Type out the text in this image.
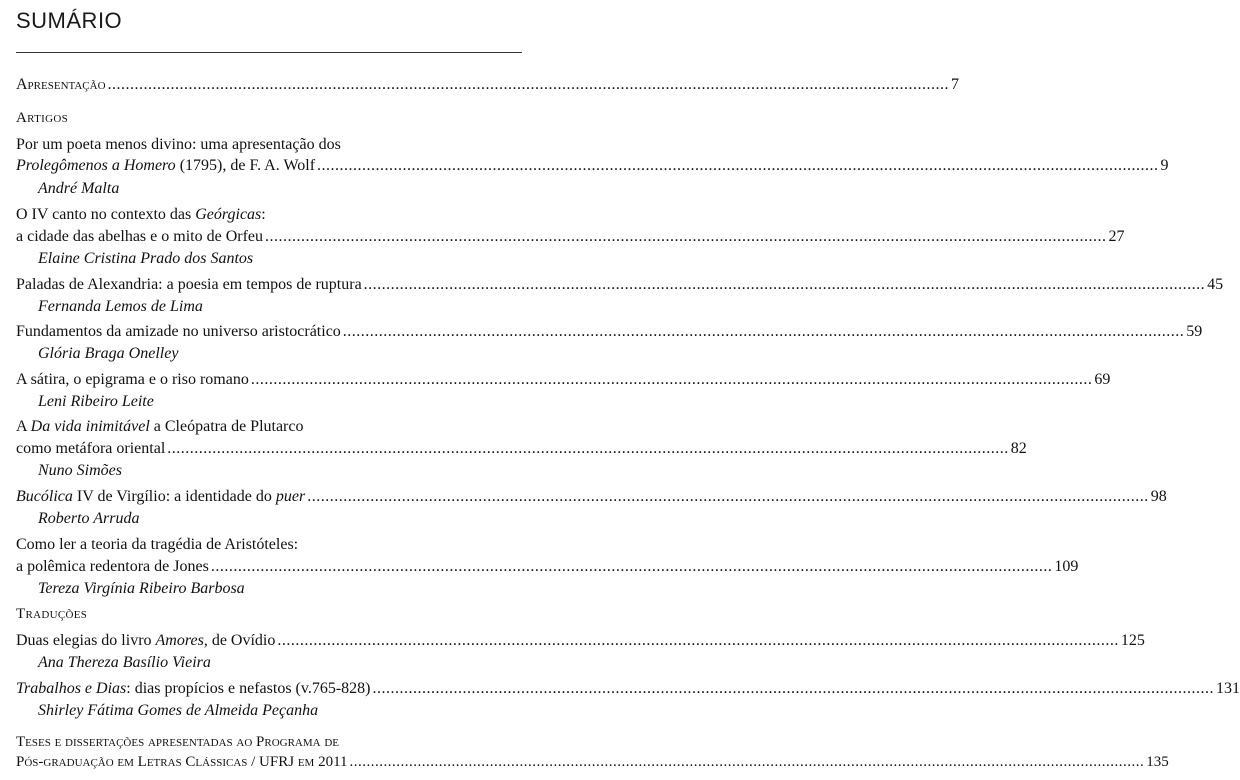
SUMÁRIO
Apresentação ........................................................................................................................................................................................... 7
Artigos
Por um poeta menos divino: uma apresentação dos
Prolegômenos a Homero (1795), de F. A. Wolf ........................................................................................................................................................................................... 9
André Malta
O IV canto no contexto das Geórgicas:
a cidade das abelhas e o mito de Orfeu ........................................................................................................................................................................................... 27
Elaine Cristina Prado dos Santos
Paladas de Alexandria: a poesia em tempos de ruptura ........................................................................................................................................................................................... 45
Fernanda Lemos de Lima
Fundamentos da amizade no universo aristocrático ........................................................................................................................................................................................... 59
Glória Braga Onelley
A sátira, o epigrama e o riso romano ........................................................................................................................................................................................... 69
Leni Ribeiro Leite
A Da vida inimitável a Cleópatra de Plutarco
como metáfora oriental ........................................................................................................................................................................................... 82
Nuno Simões
Bucólica IV de Virgílio: a identidade do puer ........................................................................................................................................................................................... 98
Roberto Arruda
Como ler a teoria da tragédia de Aristóteles:
a polêmica redentora de Jones ........................................................................................................................................................................................... 109
Tereza Virgínia Ribeiro Barbosa
Traduções
Duas elegias do livro Amores, de Ovídio ........................................................................................................................................................................................... 125
Ana Thereza Basílio Vieira
Trabalhos e Dias: dias propícios e nefastos (v.765-828) ........................................................................................................................................................................................... 131
Shirley Fátima Gomes de Almeida Peçanha
Teses e dissertações apresentadas ao Programa de
Pós-graduação em Letras Clássicas / UFRJ em 2011 ........................................................................................................................................................................................... 135
